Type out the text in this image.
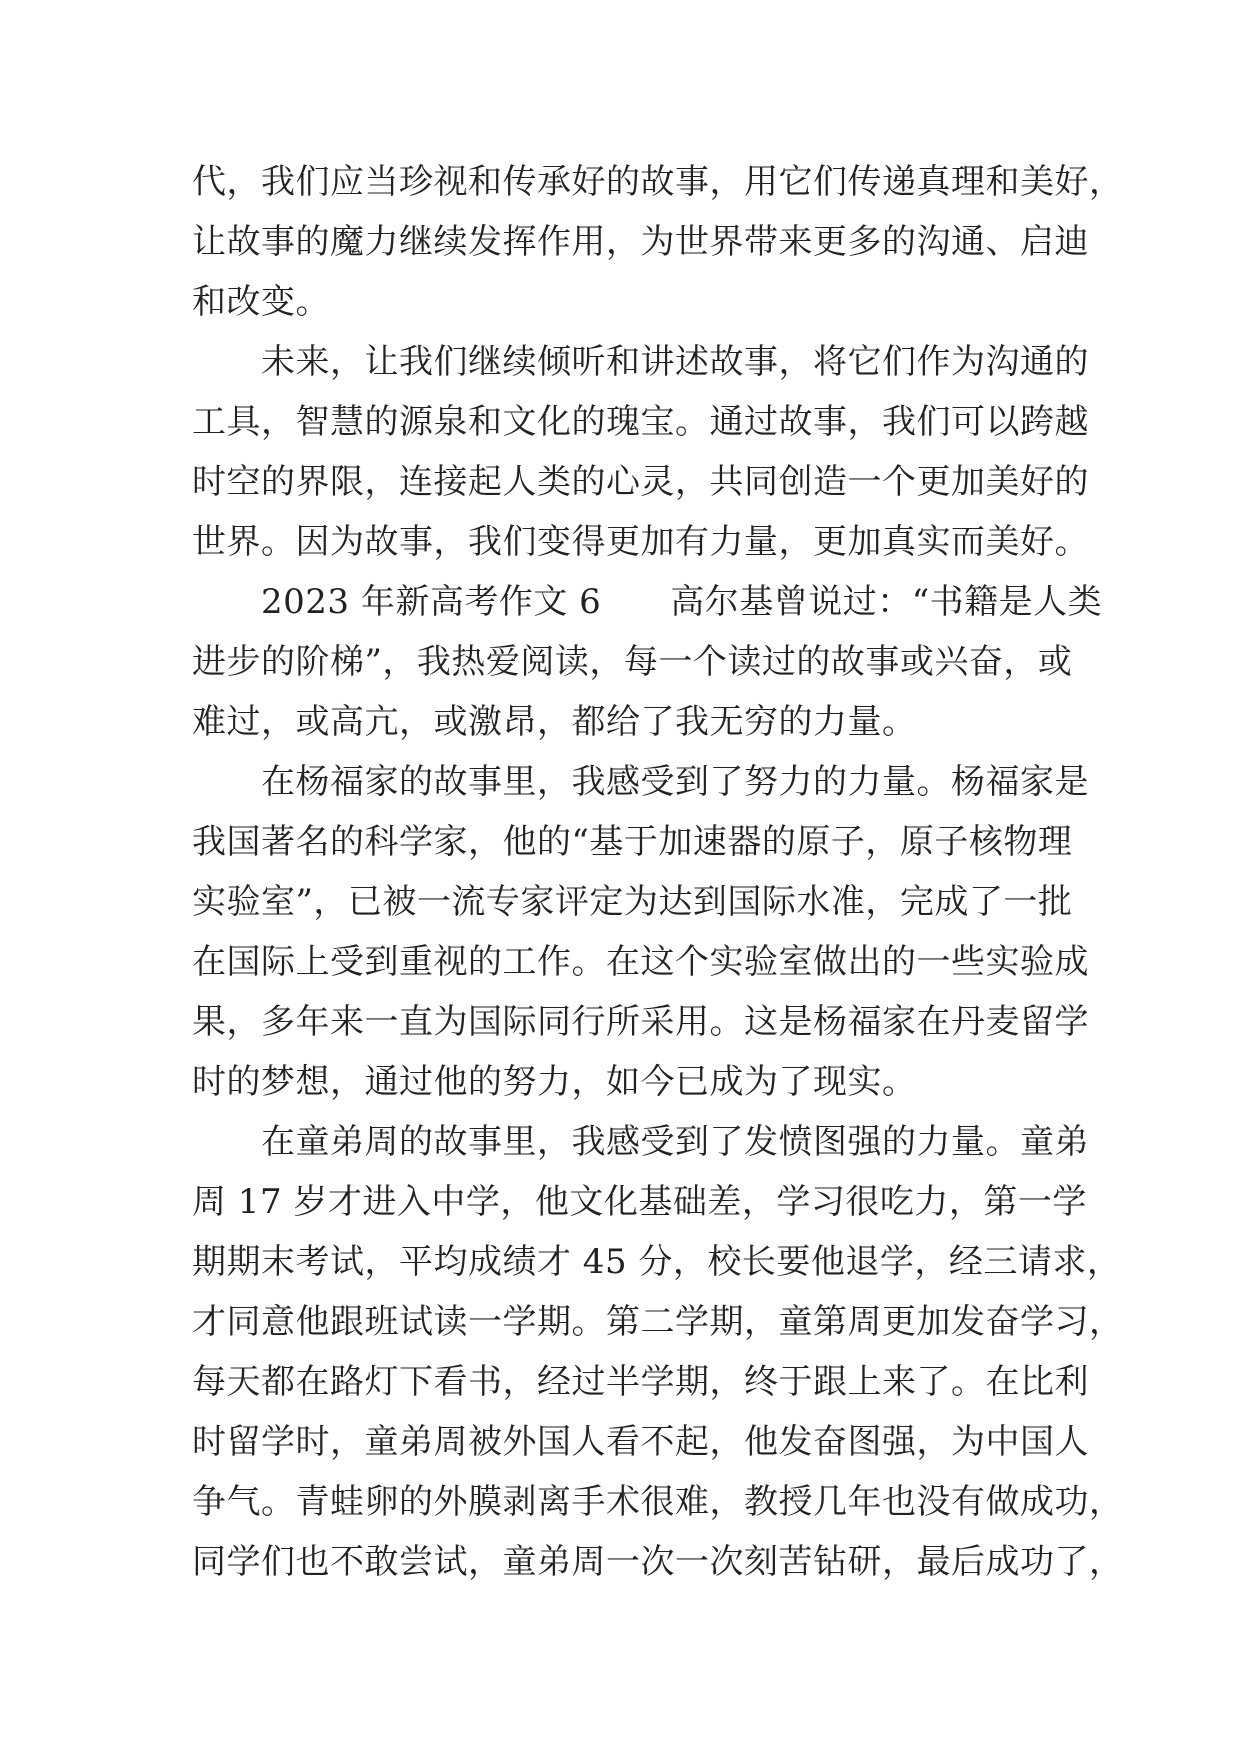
代，我们应当珍视和传承好的故事，用它们传递真理和美好，

让故事的魔力继续发挥作用，为世界带来更多的沟通、启迪

和改变。

　　未来，让我们继续倾听和讲述故事，将它们作为沟通的

工具，智慧的源泉和文化的瑰宝。通过故事，我们可以跨越

时空的界限，连接起人类的心灵，共同创造一个更加美好的

世界。因为故事，我们变得更加有力量，更加真实而美好。

　　2023 年新高考作文 6　　高尔基曾说过：“书籍是人类

进步的阶梯”，我热爱阅读，每一个读过的故事或兴奋，或

难过，或高亢，或激昂，都给了我无穷的力量。

　　在杨福家的故事里，我感受到了努力的力量。杨福家是

我国著名的科学家，他的“基于加速器的原子，原子核物理

实验室”，已被一流专家评定为达到国际水准，完成了一批

在国际上受到重视的工作。在这个实验室做出的一些实验成

果，多年来一直为国际同行所采用。这是杨福家在丹麦留学

时的梦想，通过他的努力，如今已成为了现实。

　　在童弟周的故事里，我感受到了发愤图强的力量。童弟

周 17 岁才进入中学，他文化基础差，学习很吃力，第一学

期期末考试，平均成绩才 45 分，校长要他退学，经三请求，

才同意他跟班试读一学期。第二学期，童第周更加发奋学习，

每天都在路灯下看书，经过半学期，终于跟上来了。在比利

时留学时，童弟周被外国人看不起，他发奋图强，为中国人

争气。青蛙卵的外膜剥离手术很难，教授几年也没有做成功，

同学们也不敢尝试，童弟周一次一次刻苦钻研，最后成功了，
